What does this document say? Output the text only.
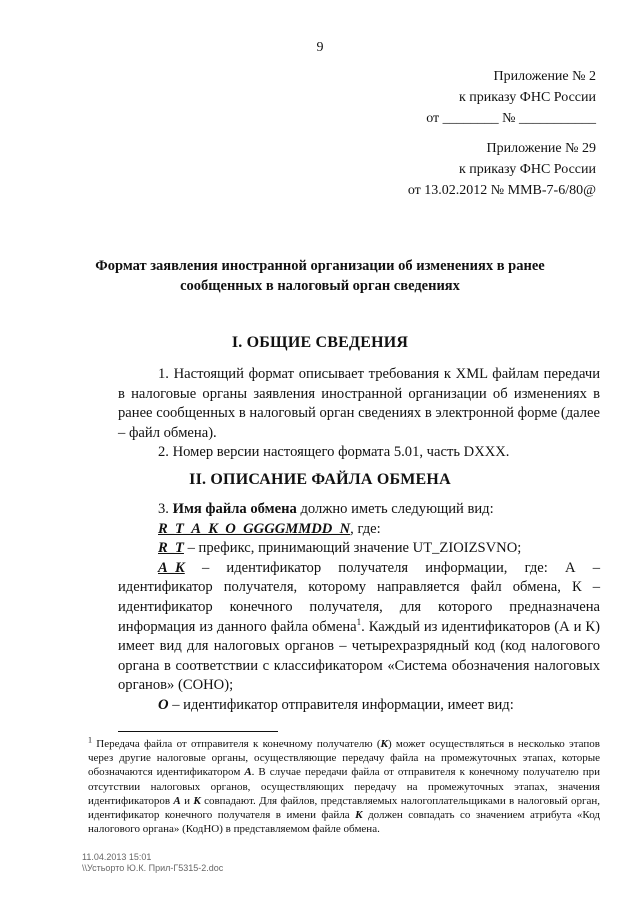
9
Приложение № 2
к приказу ФНС России
от ________ № ___________
Приложение № 29
к приказу ФНС России
от 13.02.2012 № ММВ-7-6/80@
Формат заявления иностранной организации об изменениях в ранее
сообщенных в налоговый орган сведениях
I. ОБЩИЕ СВЕДЕНИЯ

1. Настоящий формат описывает требования к XML файлам передачи в налоговые органы заявления иностранной организации об изменениях в ранее сообщенных в налоговый орган сведениях в электронной форме (далее – файл обмена).

2. Номер версии настоящего формата 5.01, часть DXXX.

II. ОПИСАНИЕ ФАЙЛА ОБМЕНА

3. Имя файла обмена должно иметь следующий вид:

R_T_A_K_O_GGGGMMDD_N, где:

R_T – префикс, принимающий значение UT_ZIOIZSVNO;

A_K – идентификатор получателя информации, где: А – идентификатор получателя, которому направляется файл обмена, К – идентификатор конечного получателя, для которого предназначена информация из данного файла обмена$^1$. Каждый из идентификаторов (А и К) имеет вид для налоговых органов – четырехразрядный код (код налогового органа в соответствии с классификатором «Система обозначения налоговых органов» (СОНО);

O – идентификатор отправителя информации, имеет вид:

$^1$ Передача файла от отправителя к конечному получателю (К) может осуществляться в несколько этапов через другие налоговые органы, осуществляющие передачу файла на промежуточных этапах, которые обозначаются идентификатором А. В случае передачи файла от отправителя к конечному получателю при отсутствии налоговых органов, осуществляющих передачу на промежуточных этапах, значения идентификаторов А и К совпадают. Для файлов, представляемых налогоплательщиками в налоговый орган, идентификатор конечного получателя в имени файла К должен совпадать со значением атрибута «Код налогового органа» (КодНО) в представляемом файле обмена.
11.04.2013 15:01
\\Устьорто Ю.К. Прил-Г5315-2.doc
